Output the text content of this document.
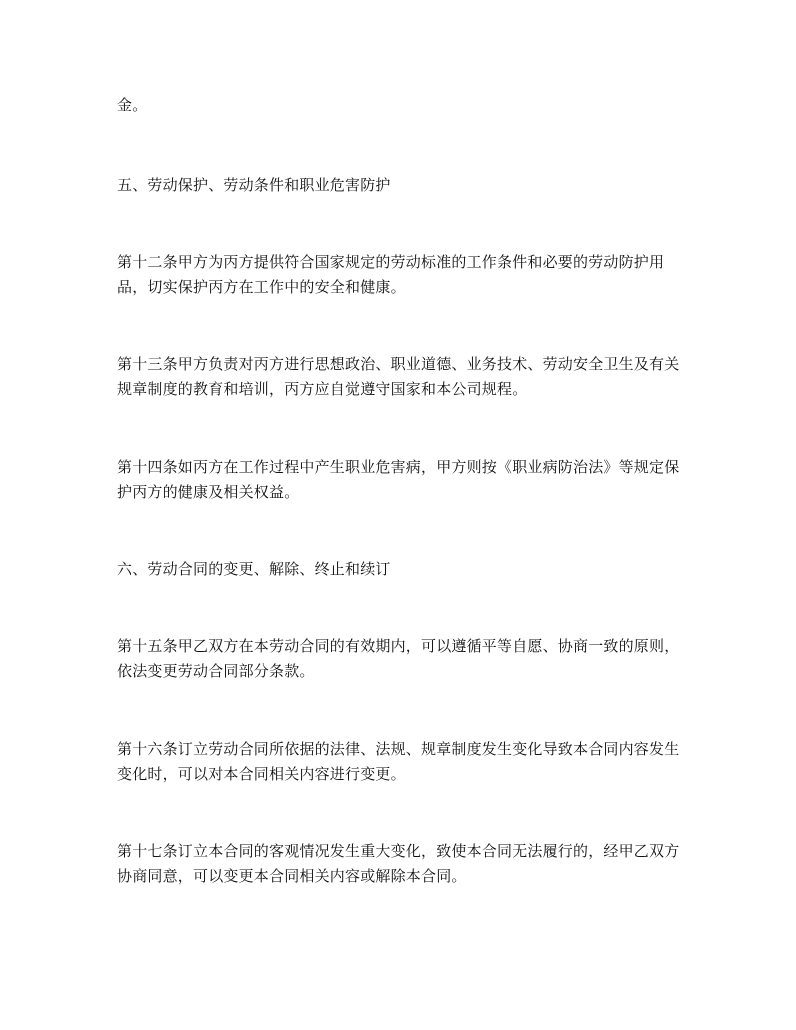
金。

五、劳动保护、劳动条件和职业危害防护

第十二条甲方为丙方提供符合国家规定的劳动标准的工作条件和必要的劳动防护用品，切实保护丙方在工作中的安全和健康。

第十三条甲方负责对丙方进行思想政治、职业道德、业务技术、劳动安全卫生及有关规章制度的教育和培训，丙方应自觉遵守国家和本公司规程。

第十四条如丙方在工作过程中产生职业危害病，甲方则按《职业病防治法》等规定保护丙方的健康及相关权益。

六、劳动合同的变更、解除、终止和续订

第十五条甲乙双方在本劳动合同的有效期内，可以遵循平等自愿、协商一致的原则，依法变更劳动合同部分条款。

第十六条订立劳动合同所依据的法律、法规、规章制度发生变化导致本合同内容发生变化时，可以对本合同相关内容进行变更。

第十七条订立本合同的客观情况发生重大变化，致使本合同无法履行的，经甲乙双方协商同意，可以变更本合同相关内容或解除本合同。
